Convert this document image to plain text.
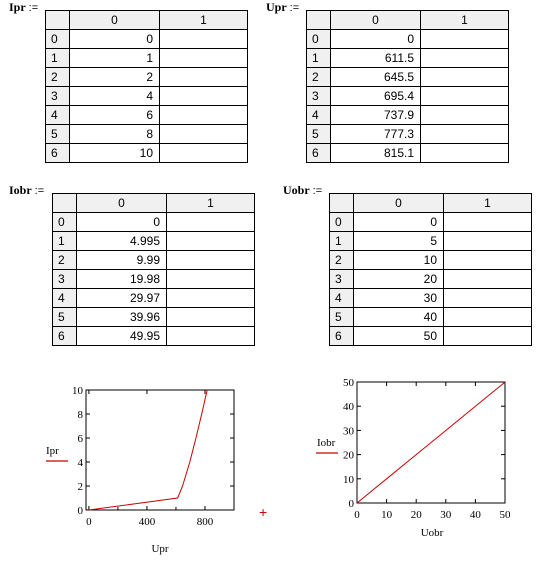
Ipr :=	Upr :=
Iobr :=	Uobr :=
	0	1
0	0	
1	1	
2	2	
3	4	
4	6	
5	8	
6	10	
	0	1
0	0	
1	611.5	
2	645.5	
3	695.4	
4	737.9	
5	777.3	
6	815.1	
	0	1
0	0	
1	4.995	
2	9.99	
3	19.98	
4	29.97	
5	39.96	
6	49.95	
	0	1
0	0	
1	5	
2	10	
3	20	
4	30	
5	40	
6	50	
0
2
4
6
8
10
0	400	800
Ipr
Upr
0
10
20
30
40
50
0 10 20 30 40 50
Iobr
Uobr
+
